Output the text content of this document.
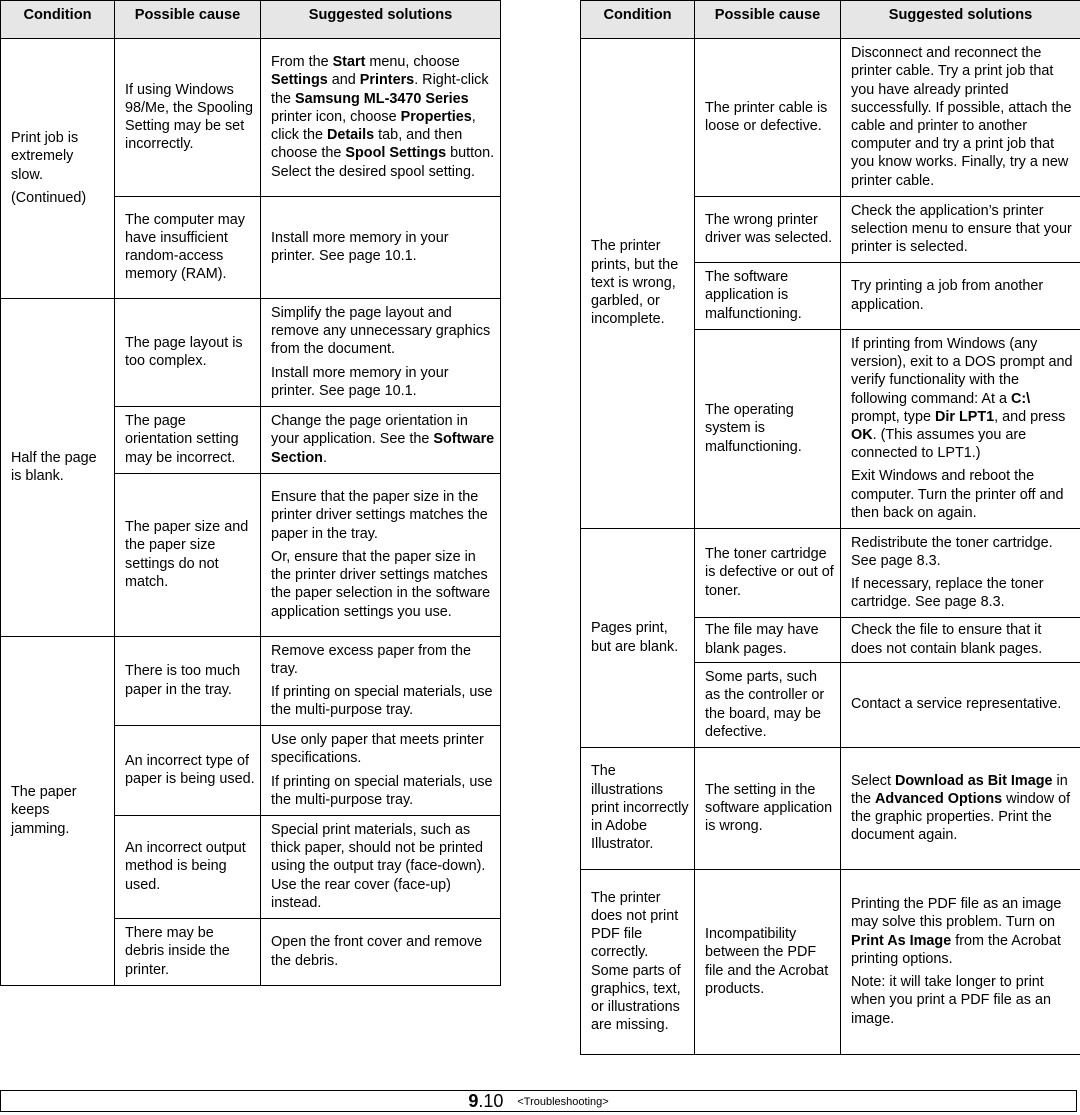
Condition	Possible cause	Suggested solutions

Print job is extremely slow.

(Continued)	If using Windows 98/Me, the Spooling Setting may be set incorrectly.	From the Start menu, choose Settings and Printers. Right-click the Samsung ML-3470 Series printer icon, choose Properties, click the Details tab, and then choose the Spool Settings button. Select the desired spool setting.
	The computer may have insufficient random-access memory (RAM).	Install more memory in your printer. See page 10.1.
Half the page is blank.	The page layout is too complex.	Simplify the page layout and remove any unnecessary graphics from the document.

Install more memory in your printer. See page 10.1.

	The page orientation setting may be incorrect.	Change the page orientation in your application. See the Software Section.
	The paper size and the paper size settings do not match.	Ensure that the paper size in the printer driver settings matches the paper in the tray.

Or, ensure that the paper size in the printer driver settings matches the paper selection in the software application settings you use.

The paper keeps jamming.	There is too much paper in the tray.	Remove excess paper from the tray.

If printing on special materials, use the multi-purpose tray.

	An incorrect type of paper is being used.	Use only paper that meets printer specifications.

If printing on special materials, use the multi-purpose tray.

	An incorrect output method is being used.	Special print materials, such as thick paper, should not be printed using the output tray (face-down). Use the rear cover (face-up) instead.
	There may be debris inside the printer.	Open the front cover and remove the debris.
Condition	Possible cause	Suggested solutions
The printer prints, but the text is wrong, garbled, or incomplete.	The printer cable is loose or defective.	Disconnect and reconnect the printer cable. Try a print job that you have already printed successfully. If possible, attach the cable and printer to another computer and try a print job that you know works. Finally, try a new printer cable.
	The wrong printer driver was selected.	Check the application’s printer selection menu to ensure that your printer is selected.
	The software application is malfunctioning.	Try printing a job from another application.
	The operating system is malfunctioning.	If printing from Windows (any version), exit to a DOS prompt and verify functionality with the following command: At a C:\ prompt, type Dir LPT1, and press OK. (This assumes you are connected to LPT1.)

Exit Windows and reboot the computer. Turn the printer off and then back on again.

Pages print, but are blank.	The toner cartridge is defective or out of toner.	Redistribute the toner cartridge. See page 8.3.

If necessary, replace the toner cartridge. See page 8.3.

	The file may have blank pages.	Check the file to ensure that it does not contain blank pages.
	Some parts, such as the controller or the board, may be defective.	Contact a service representative.
The illustrations print incorrectly in Adobe Illustrator.	The setting in the software application is wrong.	Select Download as Bit Image in the Advanced Options window of the graphic properties. Print the document again.
The printer does not print PDF file correctly. Some parts of graphics, text, or illustrations are missing.	Incompatibility between the PDF file and the Acrobat products.	Printing the PDF file as an image may solve this problem. Turn on Print As Image from the Acrobat printing options.

Note: it will take longer to print when you print a PDF file as an image.

9.10 <Troubleshooting>
